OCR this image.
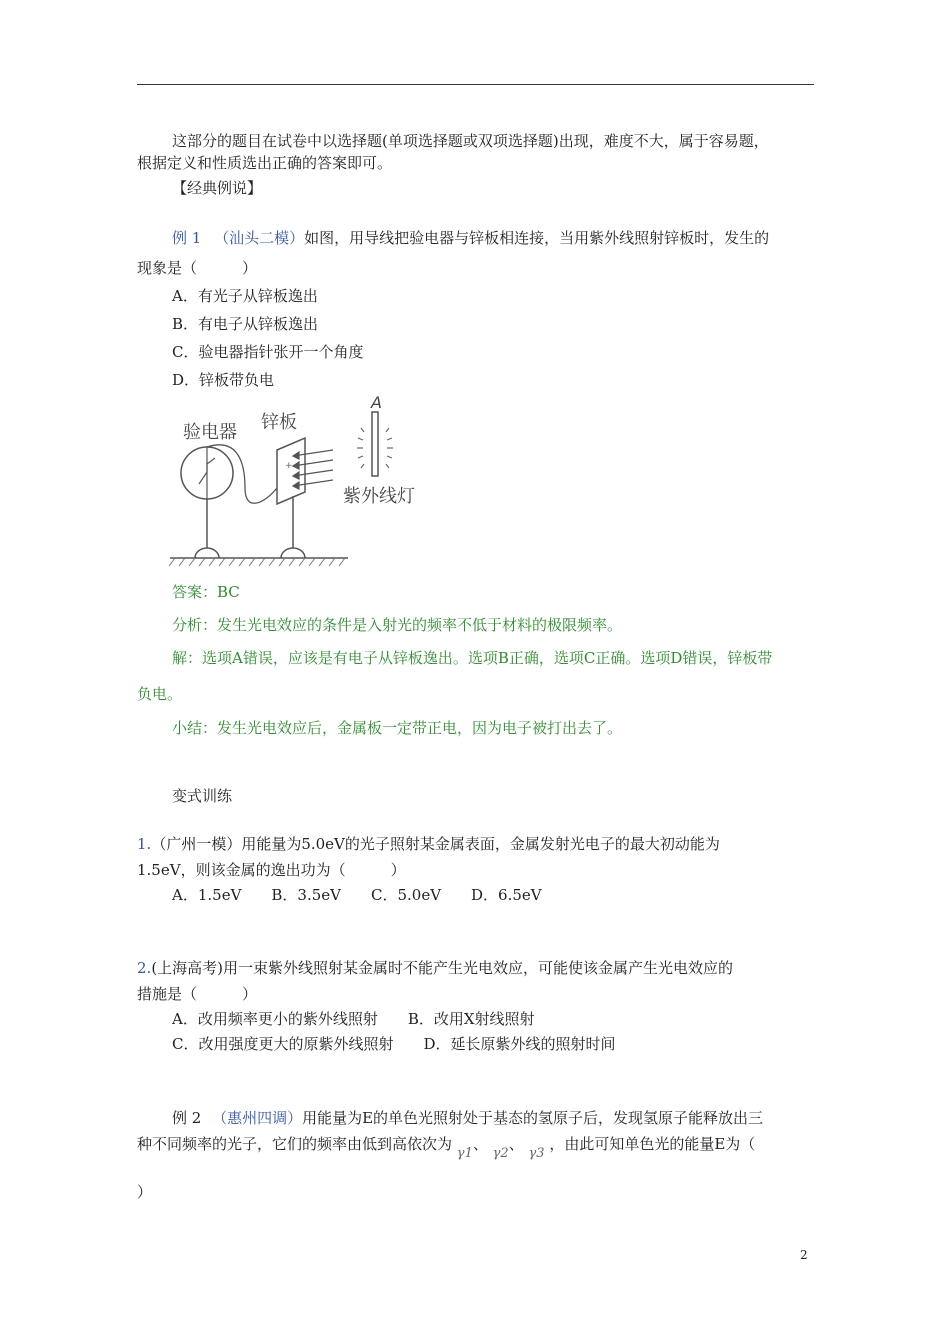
这部分的题目在试卷中以选择题(单项选择题或双项选择题)出现，难度不大，属于容易题，
根据定义和性质选出正确的答案即可。
【经典例说】
例 1 （汕头二模）如图，用导线把验电器与锌板相连接，当用紫外线照射锌板时，发生的
现象是（　　　）
A．有光子从锌板逸出
B．有电子从锌板逸出
C．验电器指针张开一个角度
D．锌板带负电
验电器
+
锌板
A
紫外线灯
答案：BC
分析：发生光电效应的条件是入射光的频率不低于材料的极限频率。
解：选项A错误，应该是有电子从锌板逸出。选项B正确，选项C正确。选项D错误，锌板带
负电。
小结：发生光电效应后，金属板一定带正电，因为电子被打出去了。
变式训练
1.（广州一模）用能量为5.0eV的光子照射某金属表面，金属发射光电子的最大初动能为
1.5eV，则该金属的逸出功为（　　　）
A．1.5eV　　B．3.5eV　　C．5.0eV　　D．6.5eV
2.(上海高考)用一束紫外线照射某金属时不能产生光电效应，可能使该金属产生光电效应的
措施是（　　　）
A．改用频率更小的紫外线照射　　B．改用X射线照射
C．改用强度更大的原紫外线照射　　D．延长原紫外线的照射时间
例 2 （惠州四调）用能量为E的单色光照射处于基态的氢原子后，发现氢原子能释放出三
种不同频率的光子，它们的频率由低到高依次为 γ1、 γ2、 γ3 ，由此可知单色光的能量E为（
）
2
